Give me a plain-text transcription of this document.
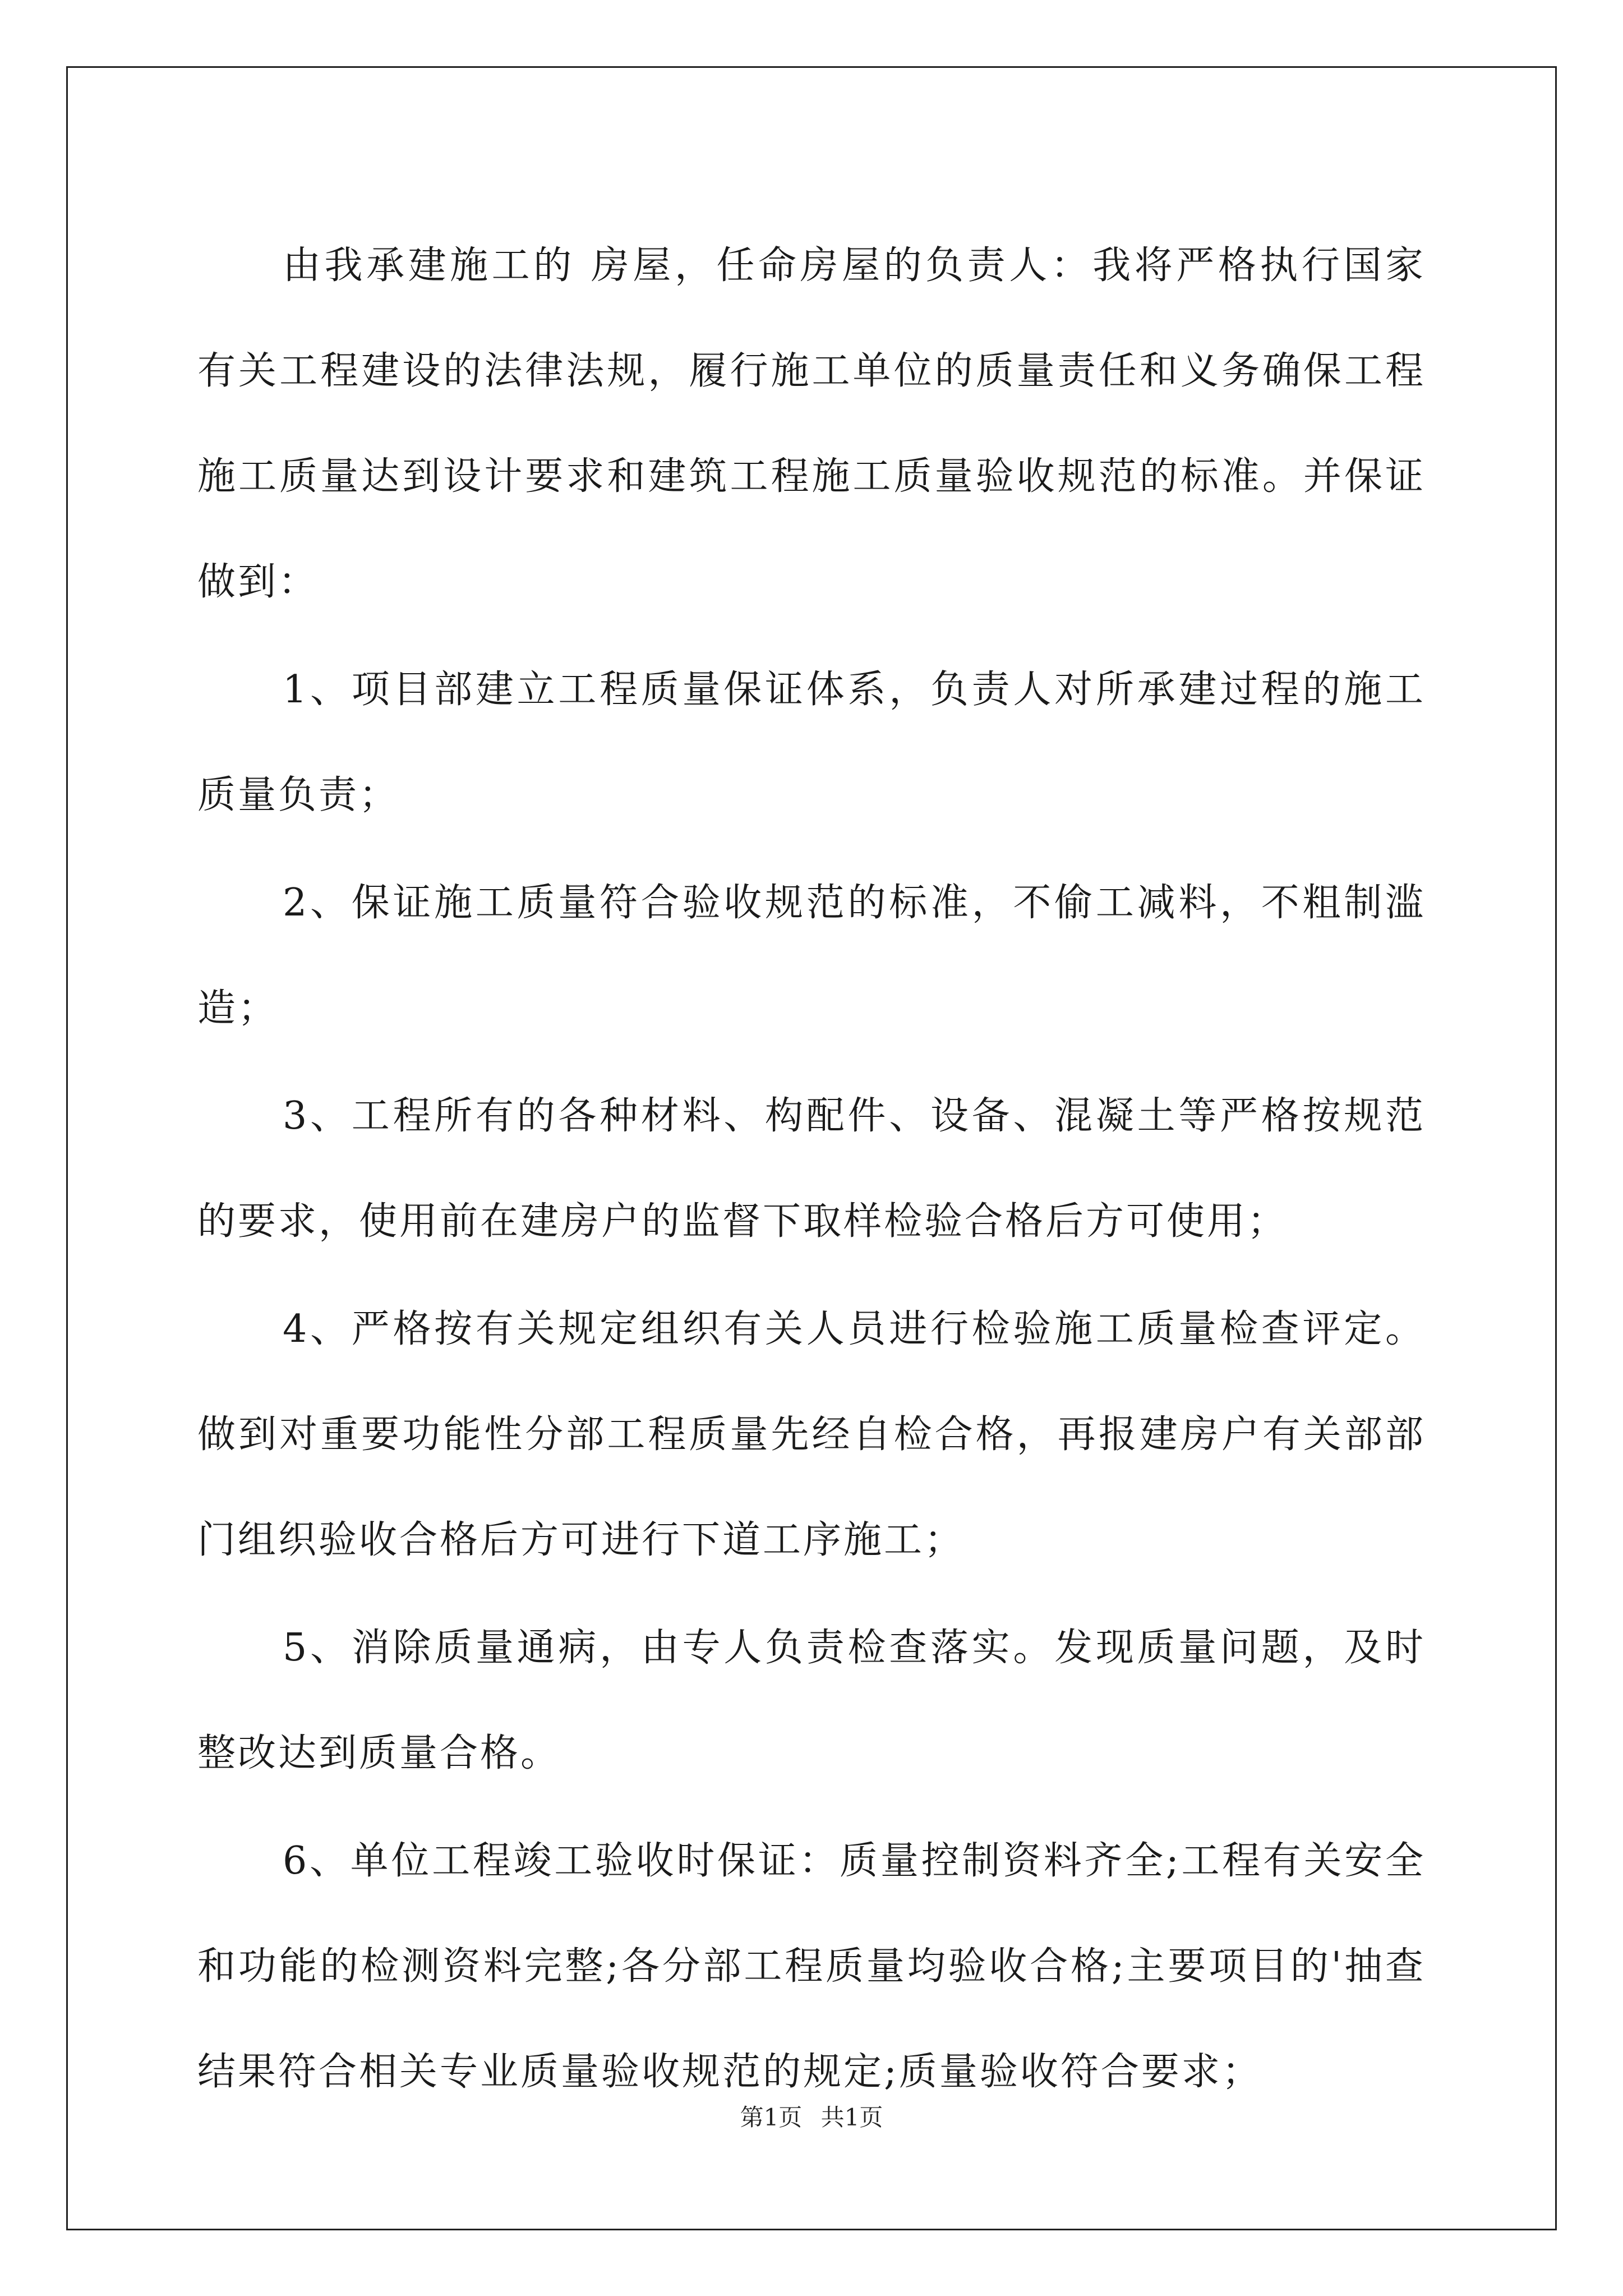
由我承建施工的 房屋，任命房屋的负责人：我将严格执行国家有关工程建设的法律法规，履行施工单位的质量责任和义务确保工程施工质量达到设计要求和建筑工程施工质量验收规范的标准。并保证做到：

1、项目部建立工程质量保证体系，负责人对所承建过程的施工质量负责；

2、保证施工质量符合验收规范的标准，不偷工减料，不粗制滥造；

3、工程所有的各种材料、构配件、设备、混凝土等严格按规范的要求，使用前在建房户的监督下取样检验合格后方可使用；

4、严格按有关规定组织有关人员进行检验施工质量检查评定。做到对重要功能性分部工程质量先经自检合格，再报建房户有关部部门组织验收合格后方可进行下道工序施工；

5、消除质量通病，由专人负责检查落实。发现质量问题，及时整改达到质量合格。

6、单位工程竣工验收时保证：质量控制资料齐全;工程有关安全和功能的检测资料完整;各分部工程质量均验收合格;主要项目的'抽查结果符合相关专业质量验收规范的规定;质量验收符合要求；

第1页 共1页
